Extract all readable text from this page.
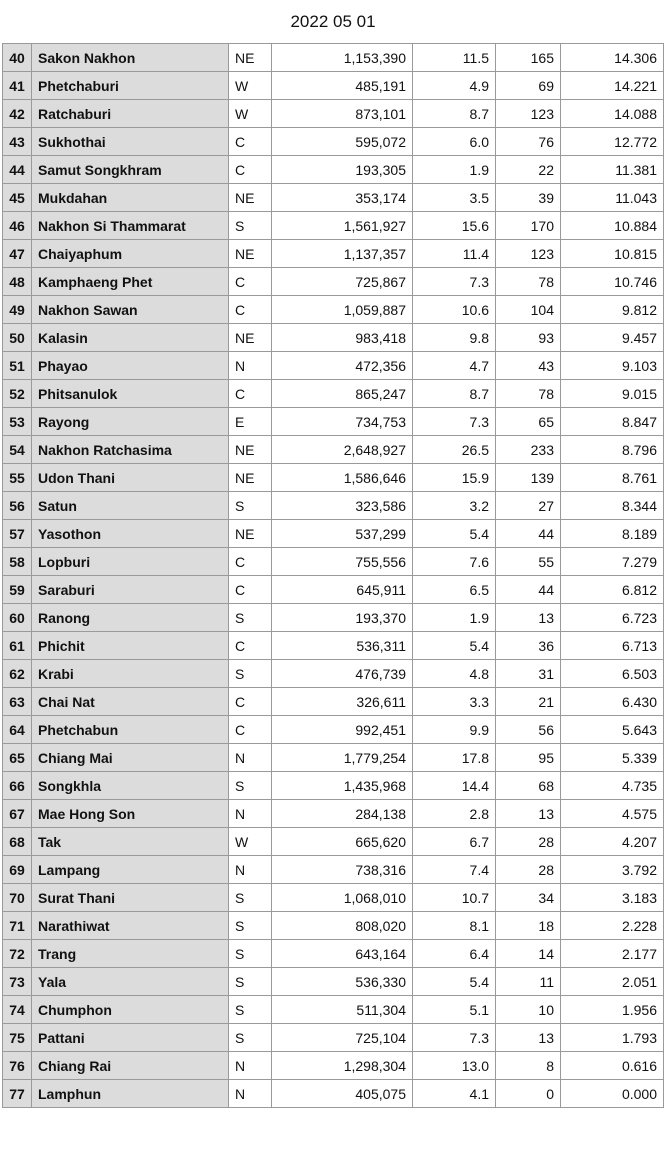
2022 05 01
40	Sakon Nakhon	NE	1,153,390	11.5	165	14.306
41	Phetchaburi	W	485,191	4.9	69	14.221
42	Ratchaburi	W	873,101	8.7	123	14.088
43	Sukhothai	C	595,072	6.0	76	12.772
44	Samut Songkhram	C	193,305	1.9	22	11.381
45	Mukdahan	NE	353,174	3.5	39	11.043
46	Nakhon Si Thammarat	S	1,561,927	15.6	170	10.884
47	Chaiyaphum	NE	1,137,357	11.4	123	10.815
48	Kamphaeng Phet	C	725,867	7.3	78	10.746
49	Nakhon Sawan	C	1,059,887	10.6	104	9.812
50	Kalasin	NE	983,418	9.8	93	9.457
51	Phayao	N	472,356	4.7	43	9.103
52	Phitsanulok	C	865,247	8.7	78	9.015
53	Rayong	E	734,753	7.3	65	8.847
54	Nakhon Ratchasima	NE	2,648,927	26.5	233	8.796
55	Udon Thani	NE	1,586,646	15.9	139	8.761
56	Satun	S	323,586	3.2	27	8.344
57	Yasothon	NE	537,299	5.4	44	8.189
58	Lopburi	C	755,556	7.6	55	7.279
59	Saraburi	C	645,911	6.5	44	6.812
60	Ranong	S	193,370	1.9	13	6.723
61	Phichit	C	536,311	5.4	36	6.713
62	Krabi	S	476,739	4.8	31	6.503
63	Chai Nat	C	326,611	3.3	21	6.430
64	Phetchabun	C	992,451	9.9	56	5.643
65	Chiang Mai	N	1,779,254	17.8	95	5.339
66	Songkhla	S	1,435,968	14.4	68	4.735
67	Mae Hong Son	N	284,138	2.8	13	4.575
68	Tak	W	665,620	6.7	28	4.207
69	Lampang	N	738,316	7.4	28	3.792
70	Surat Thani	S	1,068,010	10.7	34	3.183
71	Narathiwat	S	808,020	8.1	18	2.228
72	Trang	S	643,164	6.4	14	2.177
73	Yala	S	536,330	5.4	11	2.051
74	Chumphon	S	511,304	5.1	10	1.956
75	Pattani	S	725,104	7.3	13	1.793
76	Chiang Rai	N	1,298,304	13.0	8	0.616
77	Lamphun	N	405,075	4.1	0	0.000
